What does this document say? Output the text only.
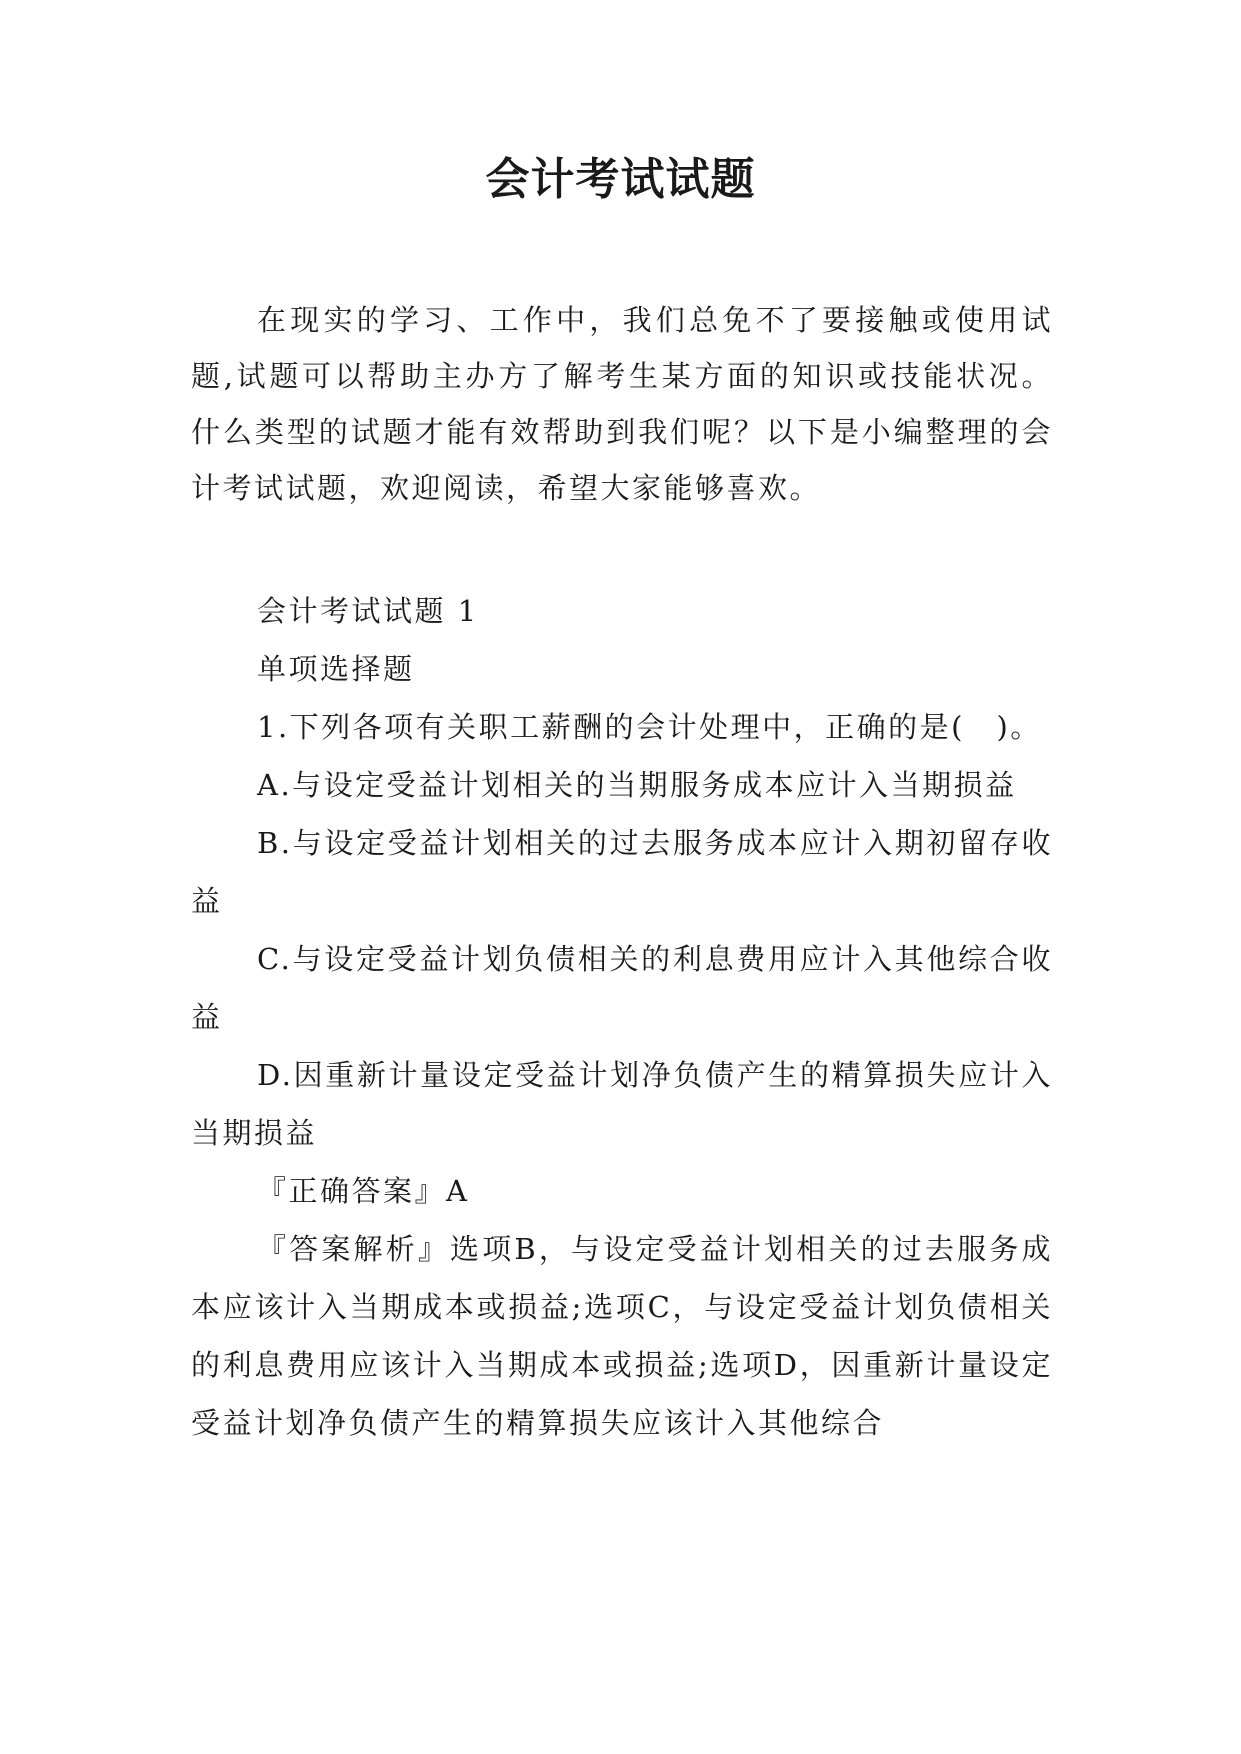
会计考试试题

在现实的学习、工作中，我们总免不了要接触或使用试题,试题可以帮助主办方了解考生某方面的知识或技能状况。什么类型的试题才能有效帮助到我们呢？以下是小编整理的会计考试试题，欢迎阅读，希望大家能够喜欢。

会计考试试题 1

单项选择题

1.下列各项有关职工薪酬的会计处理中，正确的是(　)。

A.与设定受益计划相关的当期服务成本应计入当期损益

B.与设定受益计划相关的过去服务成本应计入期初留存收益

C.与设定受益计划负债相关的利息费用应计入其他综合收益

D.因重新计量设定受益计划净负债产生的精算损失应计入当期损益

『正确答案』A

『答案解析』选项B，与设定受益计划相关的过去服务成本应该计入当期成本或损益;选项C，与设定受益计划负债相关的利息费用应该计入当期成本或损益;选项D，因重新计量设定受益计划净负债产生的精算损失应该计入其他综合
